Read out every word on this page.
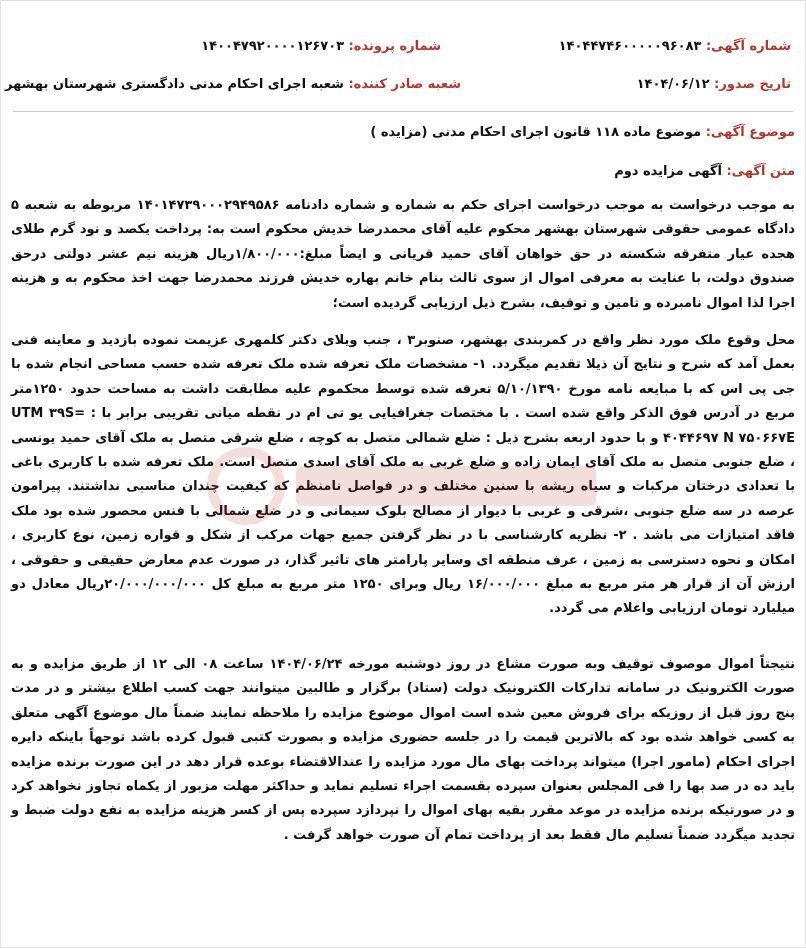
شماره آگهی: ۱۴۰۴۴۷۴۶۰۰۰۰۰۹۶۰۸۳
شماره پرونده: ۱۴۰۰۴۷۹۲۰۰۰۰۱۲۶۷۰۳
تاریخ صدور: ۱۴۰۴/۰۶/۱۲
شعبه صادر کننده: شعبه اجرای احکام مدنی دادگستری شهرستان بهشهر
موضوع آگهی: موضوع ماده ۱۱۸ قانون اجرای احکام مدنی (مزایده )
متن آگهی: آگهی مزایده دوم
به موجب درخواست به موجب درخواست اجرای حکم به شماره و شماره دادنامه ۱۴۰۱۴۷۳۹۰۰۰۲۹۴۹۵۸۶ مربوطه به شعبه ۵ دادگاه عمومی حقوقی شهرستان بهشهر محکوم علیه آقای محمدرضا خدیش محکوم است به: پرداخت یکصد و نود گرم طلای هجده عیار متفرقه شکسته در حق خواهان آقای حمید قریانی و ایضاً مبلغ:۱/۸۰۰/۰۰۰ریال هزینه نیم عشر دولتی درحق صندوق دولت، با عنایت به معرفی اموال از سوی ثالث بنام خانم بهاره خدیش فرزند محمدرضا جهت اخذ محکوم به و هزینه اجرا لذا اموال نامبرده و تامین و توقیف، بشرح ذیل ارزیابی گردیده است؛
محل وقوع ملک مورد نظر واقع در کمربندی بهشهر، صنوبر۳ ، جنب ویلای دکتر کلمهری عزیمت نموده بازدید و معاینه فنی بعمل آمد که شرح و نتایج آن ذیلا تقدیم میگردد. ۱- مشخصات ملک تعرفه شده ملک تعرفه شده حسب مساحی انجام شده با جی پی اس که با مبایعه نامه مورخ ۵/۱۰/۱۳۹۰ تعرفه شده توسط محکموم علیه مطابقت داشت به مساحت حدود ۱۲۵۰متر مربع در آدرس فوق الذکر واقع شده است . با مختصات جغرافیایی یو تی ام در نقطه میانی تقریبی برابر با : =UTM ۳۹S ۴۰۴۴۶۹۷ N ۷۵۰۶۶۷E و با حدود اربعه بشرح ذیل : ضلع شمالی متصل به کوچه ، ضلع شرقی متصل به ملک آقای حمید یونسی ، ضلع جنوبی متصل به ملک آقای ایمان زاده و ضلع غربی به ملک آقای اسدی متصل است. ملک تعرفه شده با کاربری باغی با تعدادی درختان مرکبات و سیاه ریشه با سنین مختلف و در فواصل نامنظم که کیفیت چندان مناسبی نداشتند. پیرامون عرصه در سه ضلع جنوبی ،شرقی و غربی با دیوار از مصالح بلوک سیمانی و در ضلع شمالی با فنس محصور شده بود ملک فاقد امتیازات می باشد . ۲- نظریه کارشناسی با در نظر گرفتن جمیع جهات مرکب از شکل و قواره زمین، نوع کاربری ، امکان و نحوه دسترسی به زمین ، عرف منطقه ای وسایر پارامتر های تاثیر گذار، در صورت عدم معارض حقیقی و حقوقی ، ارزش آن از قرار هر متر مربع به مبلغ ۱۶/۰۰۰/۰۰۰ ریال وبرای ۱۲۵۰ متر مربع به مبلغ کل ۲۰/۰۰۰/۰۰۰/۰۰۰ریال معادل دو میلیارد تومان ارزیابی واعلام می گردد.
نتیجتاً اموال موصوف توقیف وبه صورت مشاع در روز دوشنبه مورخه ۱۴۰۴/۰۶/۲۴ ساعت ۰۸ الی ۱۲ از طریق مزایده و به صورت الکترونیک در سامانه تدارکات الکترونیک دولت (ستاد) برگزار و طالبین میتوانند جهت کسب اطلاع بیشتر و در مدت پنج روز قبل از روزیکه برای فروش معین شده است اموال موضوع مزایده را ملاحظه نمایند ضمناً مال موضوع آگهی متعلق به کسی خواهد شده بود که بالاترین قیمت را در جلسه حضوری مزایده و بصورت کتبی قبول کرده باشد توجهاً باینکه دایره اجرای احکام (مامور اجرا) میتواند پرداخت بهای مال مورد مزایده را عندالاقتضاء بوعده قرار دهد در این صورت برنده مزایده باید ده در صد بها را فی المجلس بعنوان سپرده بقسمت اجراء تسلیم نماید و حداکثر مهلت مزبور از یکماه تجاوز نخواهد کرد و در صورتیکه برنده مزایده در موعد مقرر بقیه بهای اموال را نپردازد سپرده پس از کسر هزینه مزایده به نفع دولت ضبط و تجدید میگردد ضمناً تسلیم مال فقط بعد از پرداخت تمام آن صورت خواهد گرفت .
